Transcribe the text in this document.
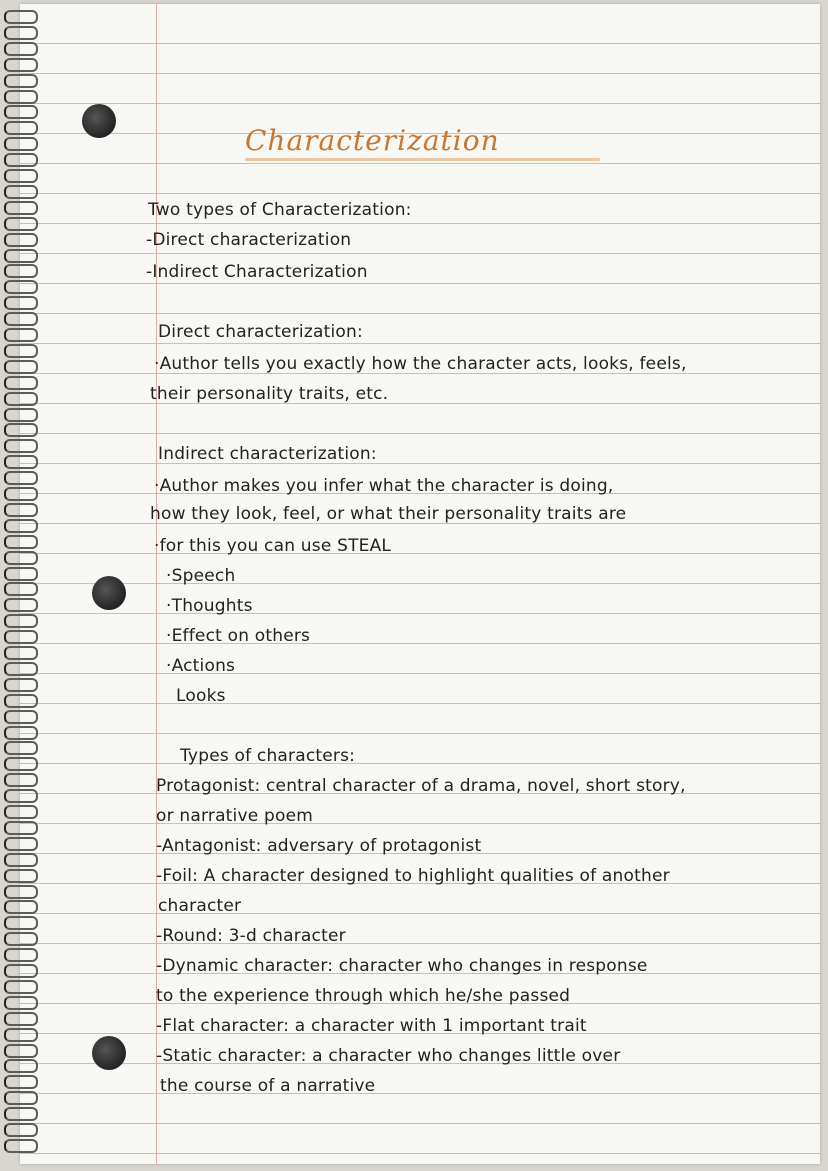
Characterization
Two types of Characterization:
-Direct characterization
-Indirect Characterization
Direct characterization:
·Author tells you exactly how the character acts, looks, feels,
their personality traits, etc.
Indirect characterization:
·Author makes you infer what the character is doing,
how they look, feel, or what their personality traits are
·for this you can use STEAL
·Speech
·Thoughts
·Effect on others
·Actions
Looks
Types of characters:
Protagonist: central character of a drama, novel, short story,
or narrative poem
-Antagonist: adversary of protagonist
-Foil: A character designed to highlight qualities of another
character
-Round: 3-d character
-Dynamic character: character who changes in response
to the experience through which he/she passed
-Flat character: a character with 1 important trait
-Static character: a character who changes little over
the course of a narrative
